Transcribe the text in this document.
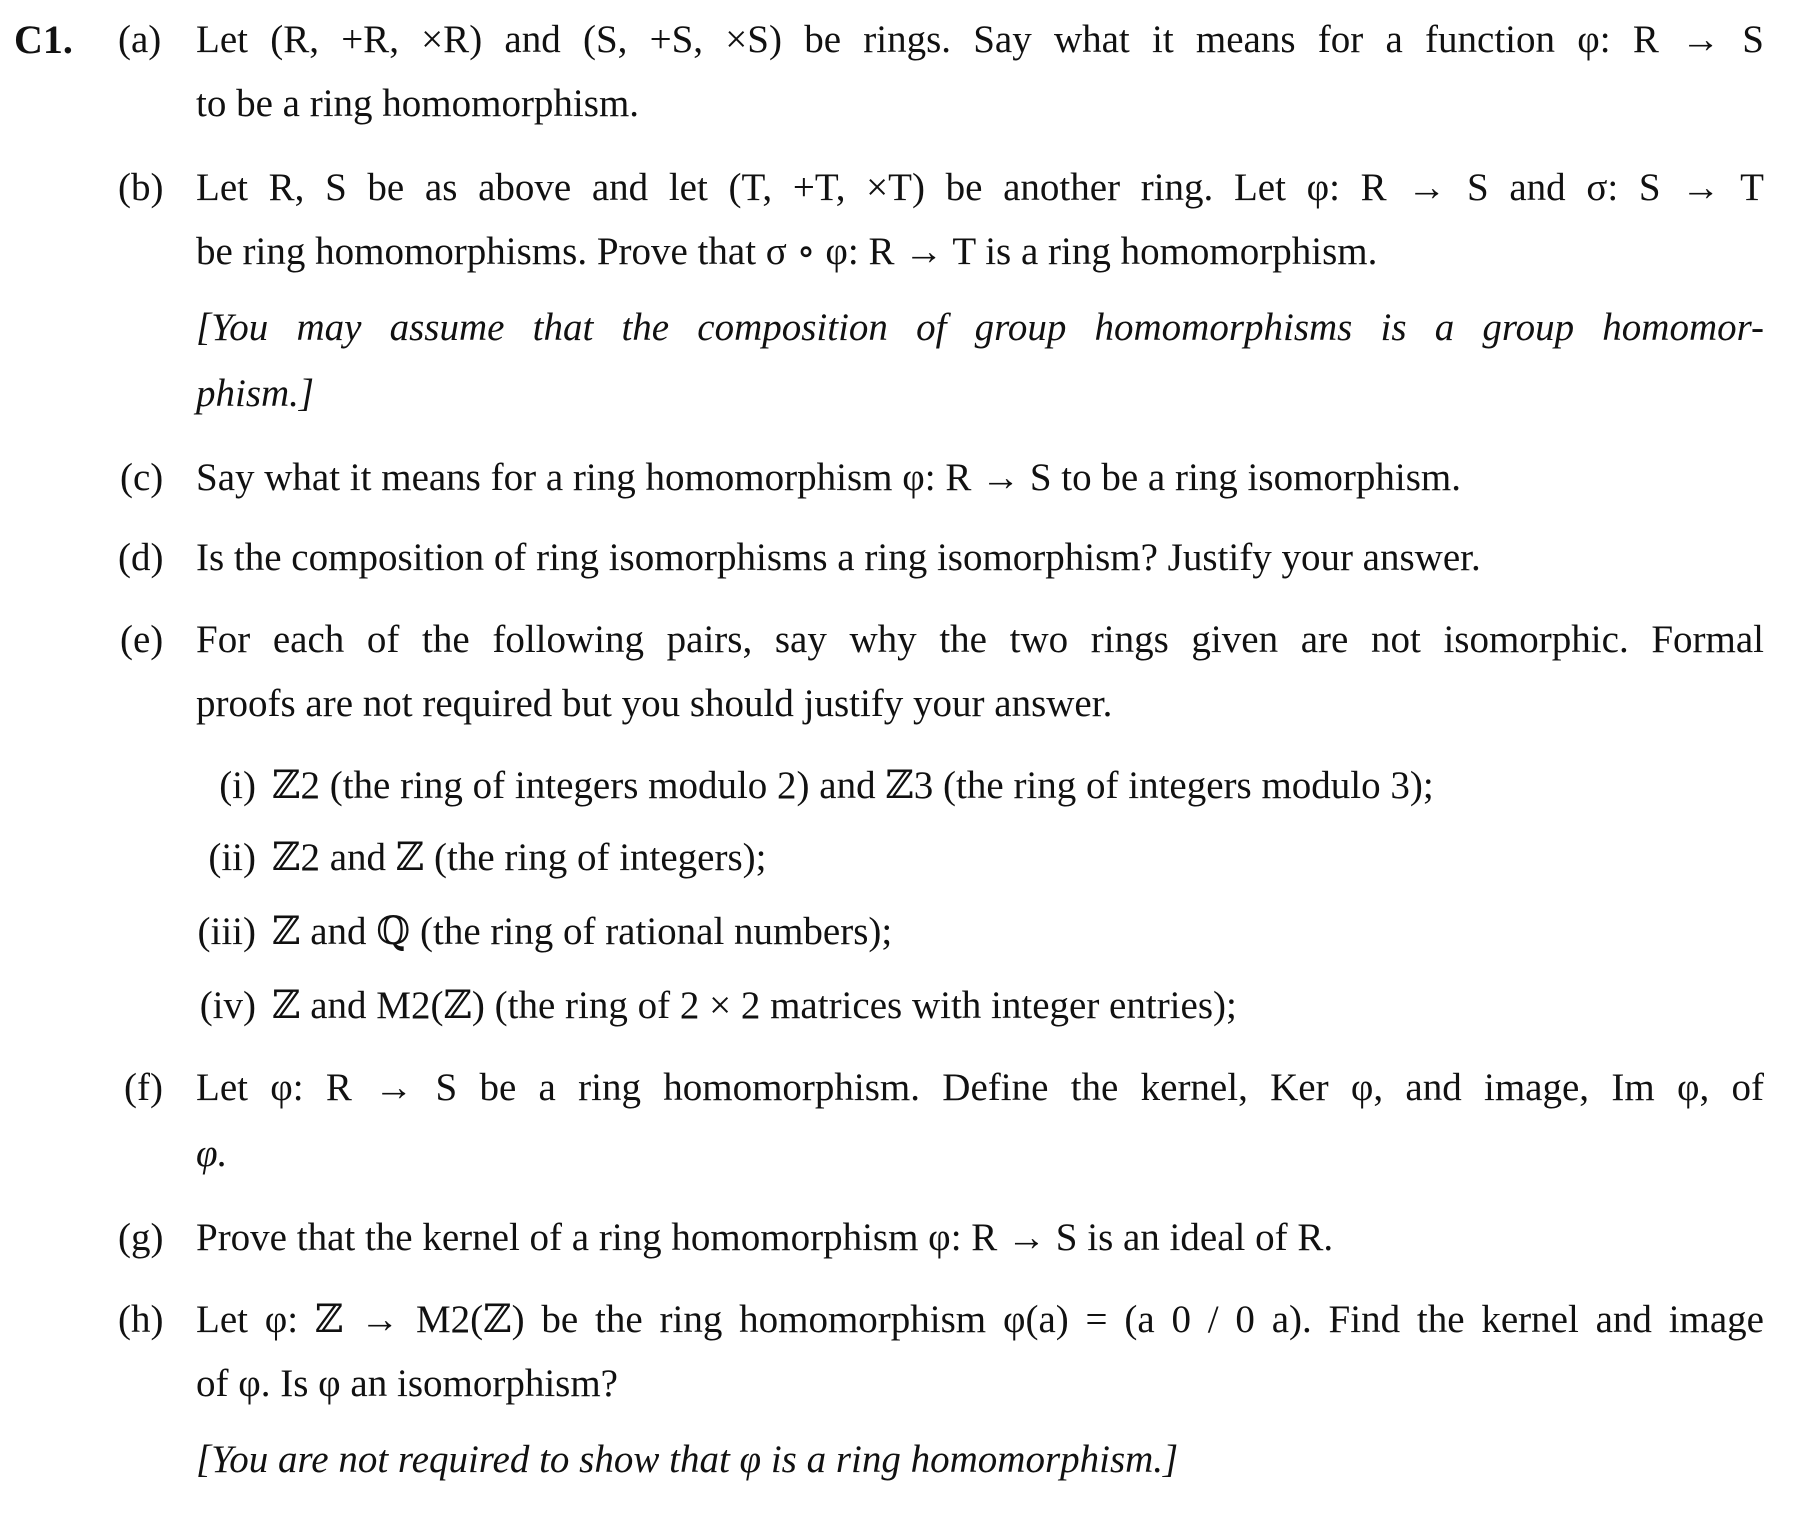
C1. (a) Let (R, +R, ×R) and (S, +S, ×S) be rings. Say what it means for a function φ: R → S
to be a ring homomorphism.
(b) Let R, S be as above and let (T, +T, ×T) be another ring. Let φ: R → S and σ: S → T
be ring homomorphisms. Prove that σ ∘ φ: R → T is a ring homomorphism.
[You may assume that the composition of group homomorphisms is a group homomor-
phism.]
(c) Say what it means for a ring homomorphism φ: R → S to be a ring isomorphism.
(d) Is the composition of ring isomorphisms a ring isomorphism? Justify your answer.
(e) For each of the following pairs, say why the two rings given are not isomorphic. Formal
proofs are not required but you should justify your answer.
(i) ℤ2 (the ring of integers modulo 2) and ℤ3 (the ring of integers modulo 3);
(ii) ℤ2 and ℤ (the ring of integers);
(iii) ℤ and ℚ (the ring of rational numbers);
(iv) ℤ and M2(ℤ) (the ring of 2 × 2 matrices with integer entries);
(f) Let φ: R → S be a ring homomorphism. Define the kernel, Ker φ, and image, Im φ, of
φ.
(g) Prove that the kernel of a ring homomorphism φ: R → S is an ideal of R.
(h) Let φ: ℤ → M2(ℤ) be the ring homomorphism φ(a) = (a 0 / 0 a). Find the kernel and image
of φ. Is φ an isomorphism?
[You are not required to show that φ is a ring homomorphism.]
